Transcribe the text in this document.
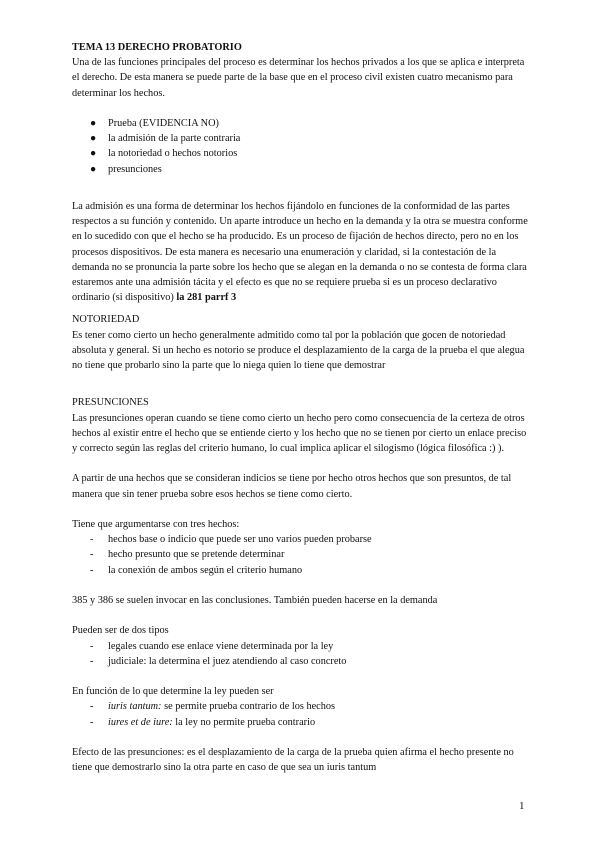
TEMA 13 DERECHO PROBATORIO

Una de las funciones principales del proceso es determinar los hechos privados a los que se aplica e interpreta el derecho. De esta manera se puede parte de la base que en el proceso civil existen cuatro mecanismo para determinar los hechos.

● Prueba (EVIDENCIA NO)
● la admisión de la parte contraria
● la notoriedad o hechos notorios
● presunciones

La admisión es una forma de determinar los hechos fijándolo en funciones de la conformidad de las partes respectos a su función y contenido. Un aparte introduce un hecho en la demanda y la otra se muestra conforme en lo sucedido con que el hecho se ha producido. Es un proceso de fijación de hechos directo, pero no en los procesos dispositivos. De esta manera es necesario una enumeración y claridad, si la contestación de la demanda no se pronuncia la parte sobre los hecho que se alegan en la demanda o no se contesta de forma clara estaremos ante una admisión tácita y el efecto es que no se requiere prueba si es un proceso declarativo ordinario (si dispositivo) la 281 parrf 3

NOTORIEDAD

Es tener como cierto un hecho generalmente admitido como tal por la población que gocen de notoriedad absoluta y general. Si un hecho es notorio se produce el desplazamiento de la carga de la prueba el que alegua no tiene que probarlo sino la parte que lo niega quien lo tiene que demostrar

PRESUNCIONES

Las presunciones operan cuando se tiene como cierto un hecho pero como consecuencia de la certeza de otros hechos al existir entre el hecho que se entiende cierto y los hecho que no se tienen por cierto un enlace preciso y correcto según las reglas del criterio humano, lo cual implica aplicar el silogismo (lógica filosófica :) ).

A partir de una hechos que se consideran indicios se tiene por hecho otros hechos que son presuntos, de tal manera que sin tener prueba sobre esos hechos se tiene como cierto.

Tiene que argumentarse con tres hechos:

- hechos base o indicio que puede ser uno varios pueden probarse
- hecho presunto que se pretende determinar
- la conexión de ambos según el criterio humano

385 y 386 se suelen invocar en las conclusiones. También pueden hacerse en la demanda

Pueden ser de dos tipos

- legales cuando ese enlace viene determinada por la ley
- judiciale: la determina el juez atendiendo al caso concreto

En función de lo que determine la ley pueden ser

- iuris tantum: se permite prueba contrario de los hechos
- iures et de iure: la ley no permite prueba contrario

Efecto de las presunciones: es el desplazamiento de la carga de la prueba quien afirma el hecho presente no tiene que demostrarlo sino la otra parte en caso de que sea un iuris tantum

1
